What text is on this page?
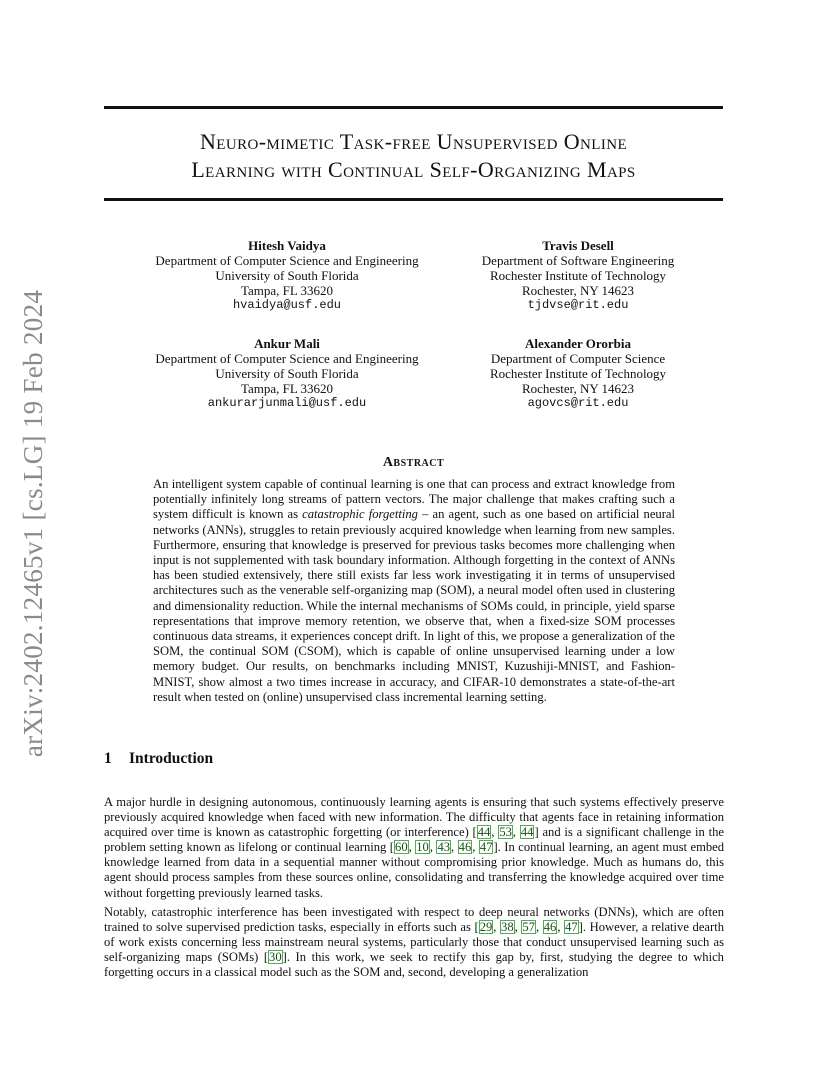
arXiv:2402.12465v1 [cs.LG] 19 Feb 2024
Neuro-mimetic Task-free Unsupervised Online
Learning with Continual Self-Organizing Maps
Hitesh Vaidya
Department of Computer Science and Engineering
University of South Florida
Tampa, FL 33620
hvaidya@usf.edu
Travis Desell
Department of Software Engineering
Rochester Institute of Technology
Rochester, NY 14623
tjdvse@rit.edu
Ankur Mali
Department of Computer Science and Engineering
University of South Florida
Tampa, FL 33620
ankurarjunmali@usf.edu
Alexander Ororbia
Department of Computer Science
Rochester Institute of Technology
Rochester, NY 14623
agovcs@rit.edu
Abstract
An intelligent system capable of continual learning is one that can process and extract knowledge from potentially infinitely long streams of pattern vectors. The major challenge that makes crafting such a system difficult is known as catastrophic forgetting – an agent, such as one based on artificial neural networks (ANNs), struggles to retain previously acquired knowledge when learning from new samples. Furthermore, ensuring that knowledge is preserved for previous tasks becomes more challenging when input is not supplemented with task boundary information. Although forgetting in the context of ANNs has been studied extensively, there still exists far less work investigating it in terms of unsupervised architectures such as the venerable self-organizing map (SOM), a neural model often used in clustering and dimensionality reduction. While the internal mechanisms of SOMs could, in principle, yield sparse representations that improve memory retention, we observe that, when a fixed-size SOM processes continuous data streams, it experiences concept drift. In light of this, we propose a generalization of the SOM, the continual SOM (CSOM), which is capable of online unsupervised learning under a low memory budget. Our results, on benchmarks including MNIST, Kuzushiji-MNIST, and Fashion-MNIST, show almost a two times increase in accuracy, and CIFAR-10 demonstrates a state-of-the-art result when tested on (online) unsupervised class incremental learning setting.
1 Introduction
A major hurdle in designing autonomous, continuously learning agents is ensuring that such systems effectively preserve previously acquired knowledge when faced with new information. The difficulty that agents face in retaining information acquired over time is known as catastrophic forgetting (or interference) [44, 53, 44] and is a significant challenge in the problem setting known as lifelong or continual learning [60, 10, 43, 46, 47]. In continual learning, an agent must embed knowledge learned from data in a sequential manner without compromising prior knowledge. Much as humans do, this agent should process samples from these sources online, consolidating and transferring the knowledge acquired over time without forgetting previously learned tasks.
Notably, catastrophic interference has been investigated with respect to deep neural networks (DNNs), which are often trained to solve supervised prediction tasks, especially in efforts such as [29, 38, 57, 46, 47]. However, a relative dearth of work exists concerning less mainstream neural systems, particularly those that conduct unsupervised learning such as self-organizing maps (SOMs) [30]. In this work, we seek to rectify this gap by, first, studying the degree to which forgetting occurs in a classical model such as the SOM and, second, developing a generalization
